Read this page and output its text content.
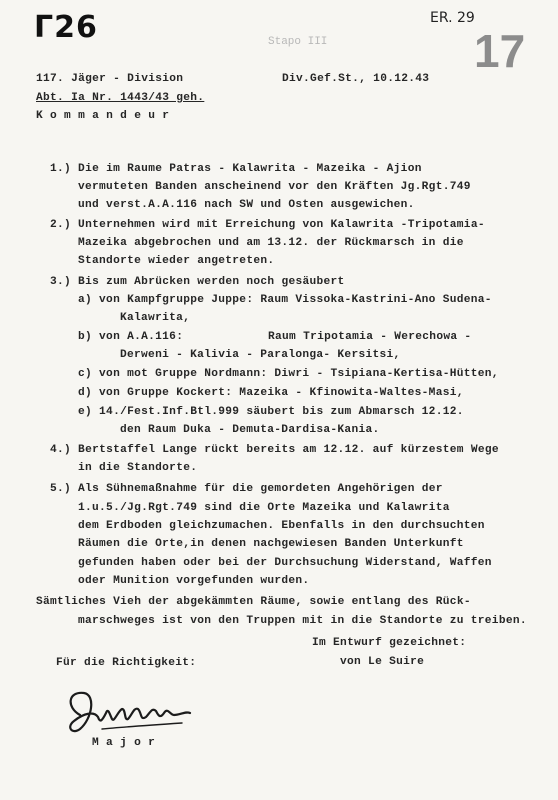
Г26	Stapo III
ER. 29
17
117. Jäger - Division
Abt. Ia Nr. 1443/43 geh.
K o m m a n d e u r
Div.Gef.St., 10.12.43
1.) Die im Raume Patras - Kalawrita - Mazeika - Ajion
vermuteten Banden anscheinend vor den Kräften Jg.Rgt.749
und verst.A.A.116 nach SW und Osten ausgewichen.
2.) Unternehmen wird mit Erreichung von Kalawrita -Tripotamia-
Mazeika abgebrochen und am 13.12. der Rückmarsch in die
Standorte wieder angetreten.
3.) Bis zum Abrücken werden noch gesäubert
a) von Kampfgruppe Juppe: Raum Vissoka-Kastrini-Ano Sudena-
Kalawrita,
b) von A.A.116:	Raum Tripotamia - Werechowa -
Derweni - Kalivia - Paralonga- Kersitsi,
c) von mot Gruppe Nordmann: Diwri - Tsipiana-Kertisa-Hütten,
d) von Gruppe Kockert: Mazeika - Kfinowita-Waltes-Masi,
e) 14./Fest.Inf.Btl.999 säubert bis zum Abmarsch 12.12.
den Raum Duka - Demuta-Dardisa-Kania.
4.) Bertstaffel Lange rückt bereits am 12.12. auf kürzestem Wege
in die Standorte.
5.) Als Sühnemaßnahme für die gemordeten Angehörigen der
1.u.5./Jg.Rgt.749 sind die Orte Mazeika und Kalawrita
dem Erdboden gleichzumachen. Ebenfalls in den durchsuchten
Räumen die Orte,in denen nachgewiesen Banden Unterkunft
gefunden haben oder bei der Durchsuchung Widerstand, Waffen
oder Munition vorgefunden wurden.
Sämtliches Vieh der abgekämmten Räume, sowie entlang des Rück-
marschweges ist von den Truppen mit in die Standorte zu treiben.
Im Entwurf gezeichnet:
von Le Suire
Für die Richtigkeit:
M a j o r
